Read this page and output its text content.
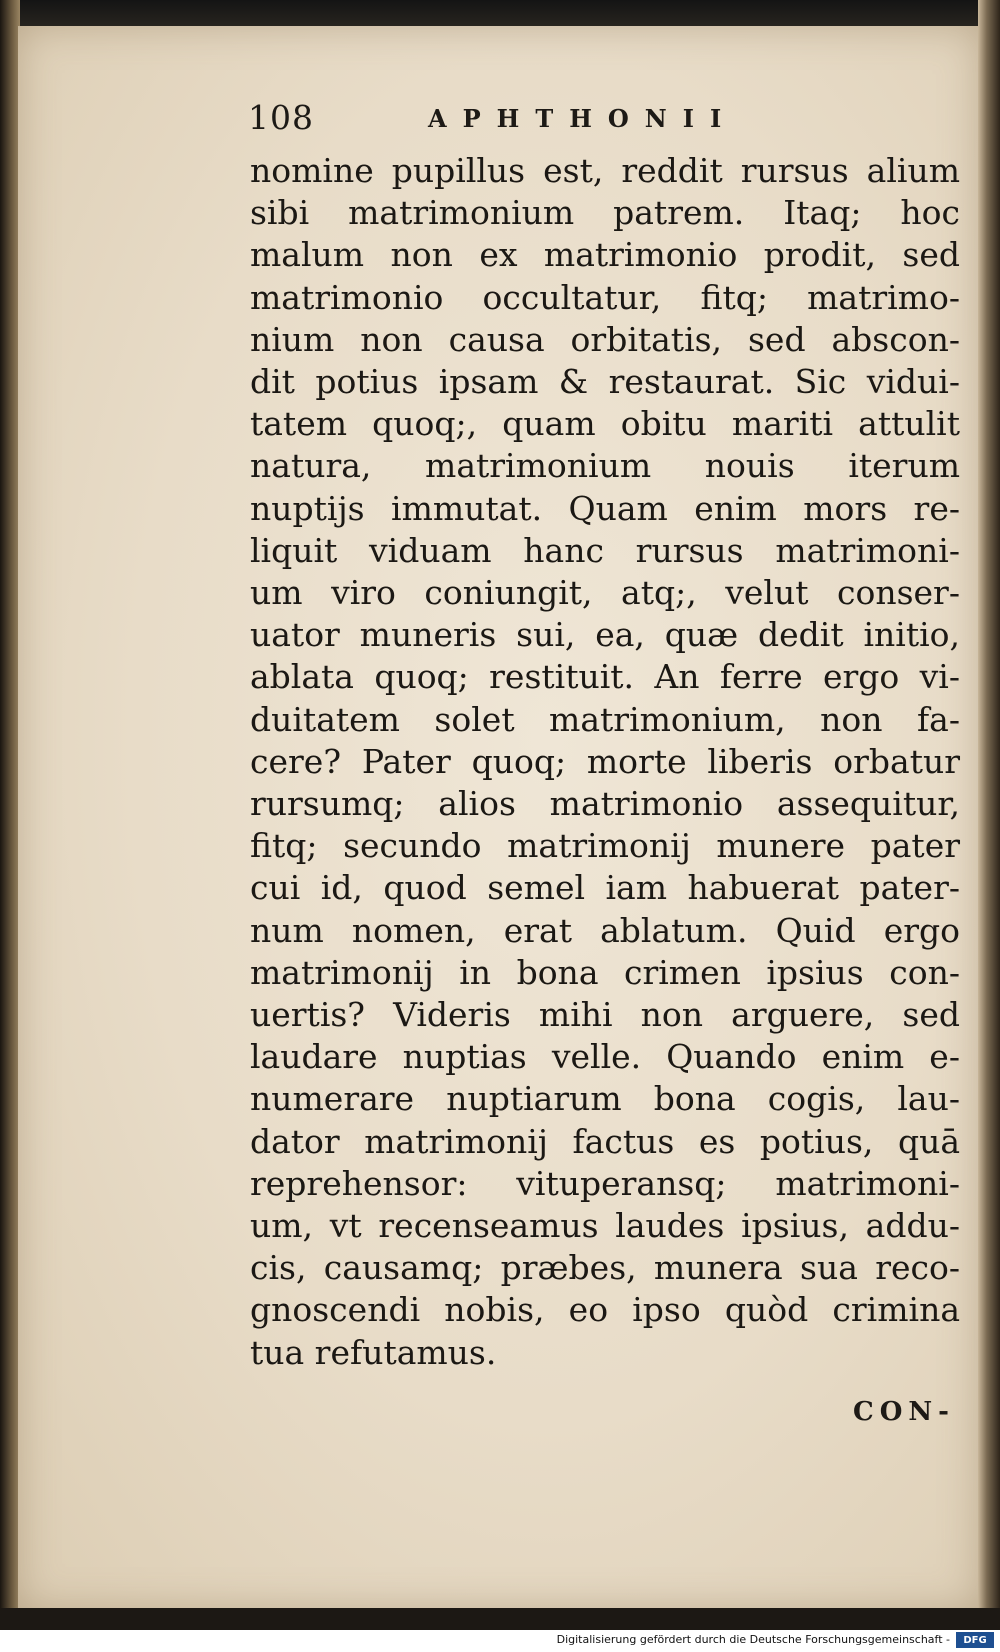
108	APHTHONII
nomine pupillus est, reddit rursus alium
sibi matrimonium patrem. Itaq; hoc
malum non ex matrimonio prodit, sed
matrimonio occultatur, fitq; matrimo-
nium non causa orbitatis, sed abscon-
dit potius ipsam & restaurat. Sic vidui-
tatem quoq;, quam obitu mariti attulit
natura, matrimonium nouis iterum
nuptijs immutat. Quam enim mors re-
liquit viduam hanc rursus matrimoni-
um viro coniungit, atq;, velut conser-
uator muneris sui, ea, quæ dedit initio,
ablata quoq; restituit. An ferre ergo vi-
duitatem solet matrimonium, non fa-
cere? Pater quoq; morte liberis orbatur
rursumq; alios matrimonio assequitur,
fitq; secundo matrimonij munere pater
cui id, quod semel iam habuerat pater-
num nomen, erat ablatum. Quid ergo
matrimonij in bona crimen ipsius con-
uertis? Videris mihi non arguere, sed
laudare nuptias velle. Quando enim e-
numerare nuptiarum bona cogis, lau-
dator matrimonij factus es potius, quā
reprehensor: vituperansq; matrimoni-
um, vt recenseamus laudes ipsius, addu-
cis, causamq; præbes, munera sua reco-
gnoscendi nobis, eo ipso quòd crimina
tua refutamus.
CON-
Digitalisierung gefördert durch die Deutsche Forschungsgemeinschaft -	DFG
